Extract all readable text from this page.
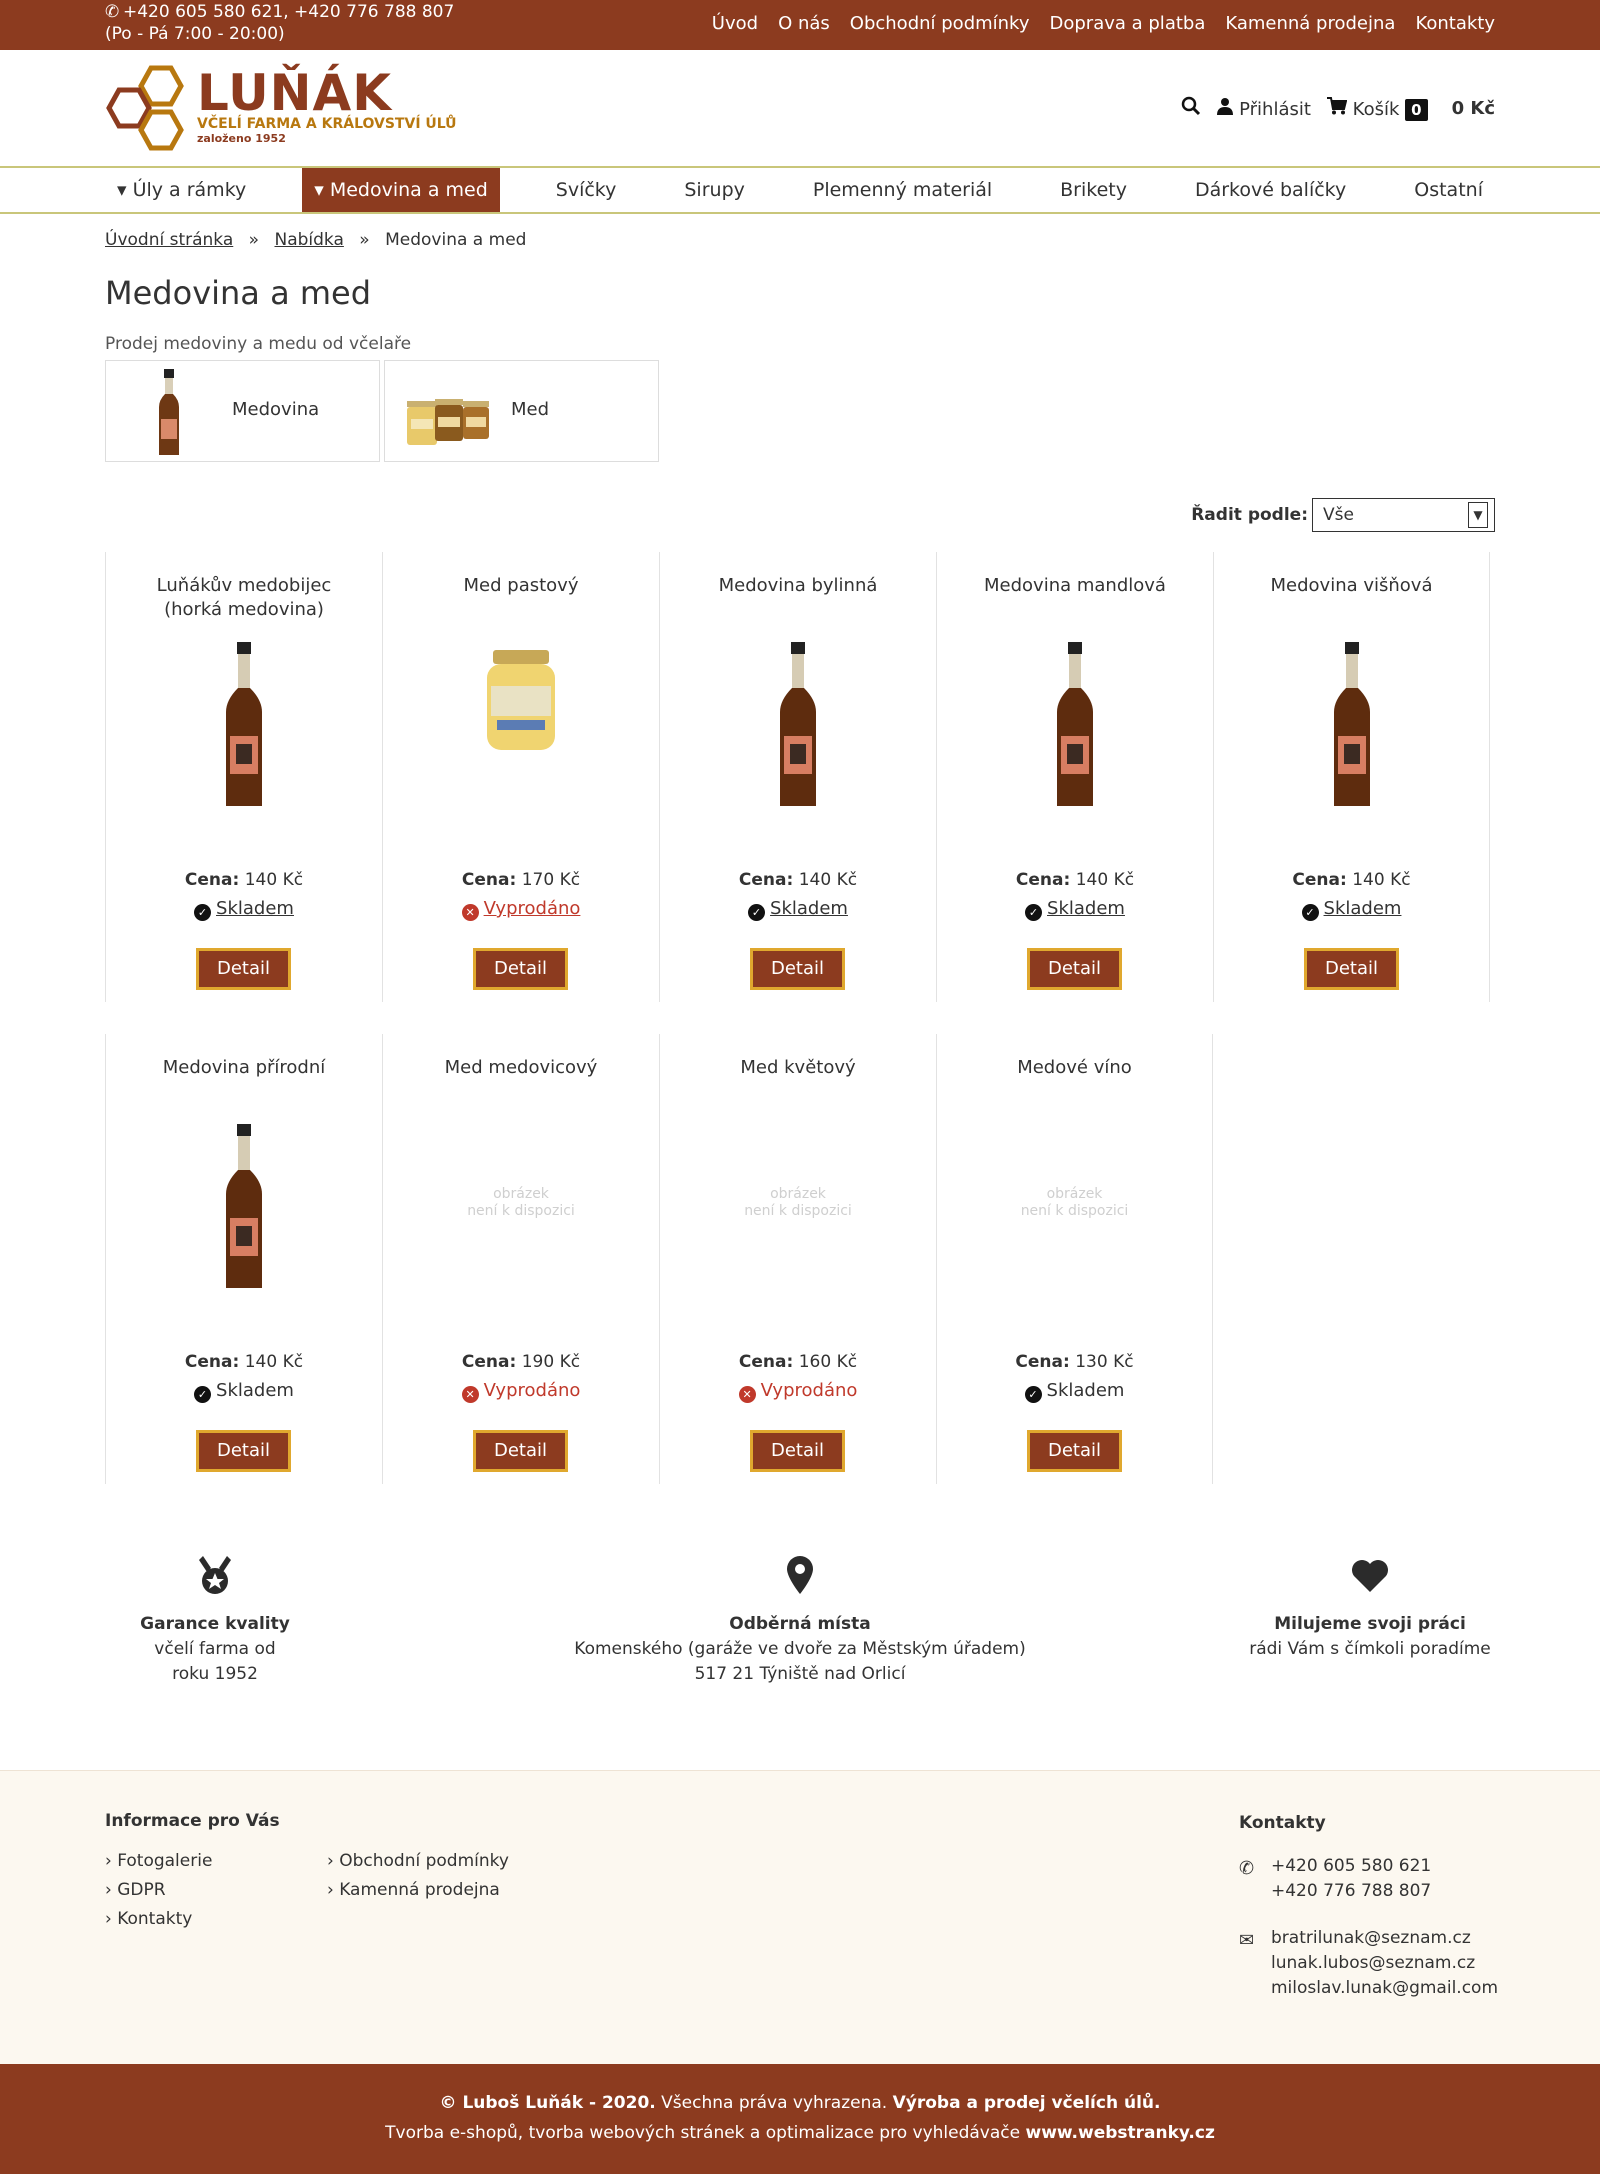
✆ +420 605 580 621, +420 776 788 807
(Po - Pá 7:00 - 20:00)	Úvod O nás Obchodní podmínky Doprava a platba Kamenná prodejna Kontakty
LUŇÁK
VČELÍ FARMA A KRÁLOVSTVÍ ÚLŮ
založeno 1952
Přihlásit	Košík 0	0 Kč
▾ Úly a rámky	▾ Medovina a med	Svíčky	Sirupy	Plemenný materiál	Brikety	Dárkové balíčky	Ostatní
Úvodní stránka » Nabídka » Medovina a med
Medovina a med
Prodej medoviny a medu od včelaře
Medovina	Med
Řadit podle: Vše	▼
Luňákův medobijec (horká medovina)
Cena: 140 Kč
✓ Skladem
Detail
Med pastový
Cena: 170 Kč
✕ Vyprodáno
Detail
Medovina bylinná
Cena: 140 Kč
✓ Skladem
Detail
Medovina mandlová
Cena: 140 Kč
✓ Skladem
Detail
Medovina višňová
Cena: 140 Kč
✓ Skladem
Detail
Medovina přírodní
Cena: 140 Kč
✓ Skladem
Detail
Med medovicový
obrázek
není k dispozici
Cena: 190 Kč
✕ Vyprodáno
Detail
Med květový
obrázek
není k dispozici
Cena: 160 Kč
✕ Vyprodáno
Detail
Medové víno
obrázek
není k dispozici
Cena: 130 Kč
✓ Skladem
Detail
Garance kvality
včelí farma od roku 1952
Odběrná místa
Komenského (garáže ve dvoře za Městským úřadem)
517 21 Týniště nad Orlicí
Milujeme svoji práci
rádi Vám s čímkoli poradíme
Informace pro Vás
› Fotogalerie	› Obchodní podmínky
› GDPR	› Kamenná prodejna
› Kontakty
Kontakty
✆ +420 605 580 621
+420 776 788 807
✉ bratrilunak@seznam.cz
lunak.lubos@seznam.cz
miloslav.lunak@gmail.com
© Luboš Luňák - 2020. Všechna práva vyhrazena. Výroba a prodej včelích úlů.
Tvorba e-shopů, tvorba webových stránek a optimalizace pro vyhledávače www.webstranky.cz
